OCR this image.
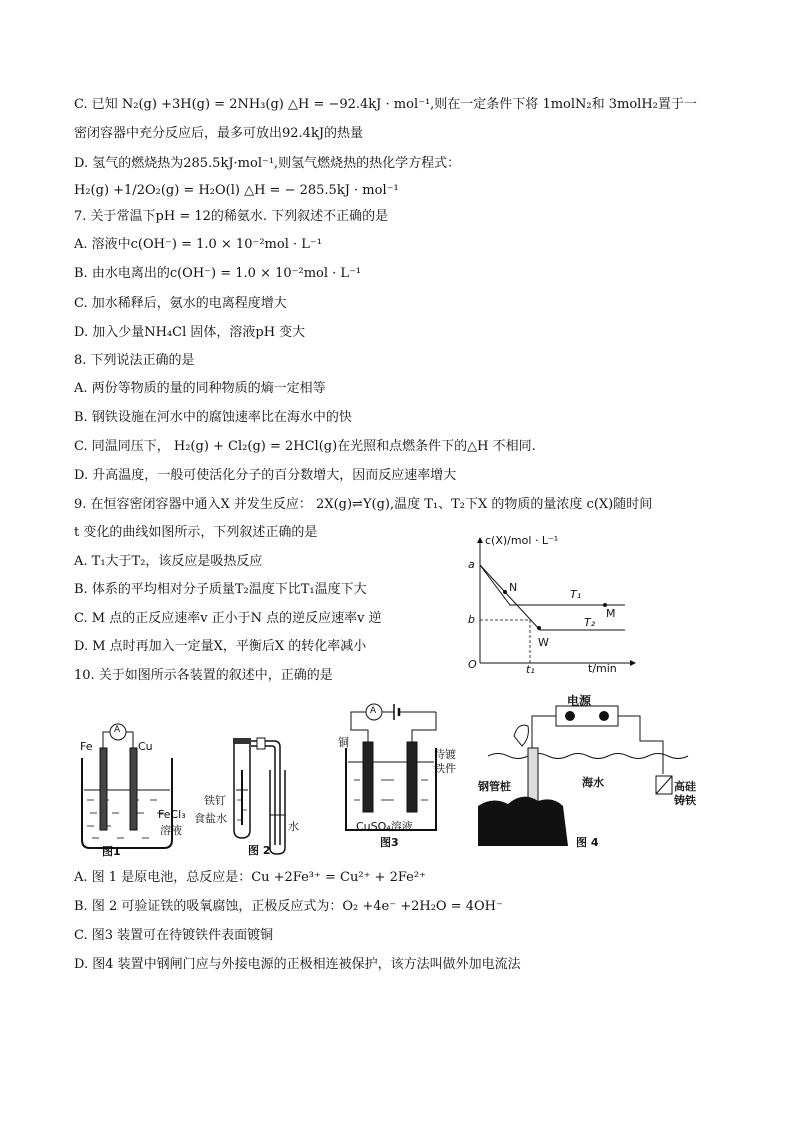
C. 已知 N₂(g) +3H(g) = 2NH₃(g) △H = −92.4kJ · mol⁻¹,则在一定条件下将 1molN₂和 3molH₂置于一
密闭容器中充分反应后，最多可放出92.4kJ的热量
D. 氢气的燃烧热为285.5kJ·mol⁻¹,则氢气燃烧热的热化学方程式：
H₂(g) +1/2O₂(g) = H₂O(l) △H = − 285.5kJ · mol⁻¹
7. 关于常温下pH = 12的稀氨水. 下列叙述不正确的是
A. 溶液中c(OH⁻) = 1.0 × 10⁻²mol · L⁻¹
B. 由水电离出的c(OH⁻) = 1.0 × 10⁻²mol · L⁻¹
C. 加水稀释后，氨水的电离程度增大
D. 加入少量NH₄Cl 固体，溶液pH 变大
8. 下列说法正确的是
A. 两份等物质的量的同种物质的熵一定相等
B. 钢铁设施在河水中的腐蚀速率比在海水中的快
C. 同温同压下， H₂(g) + Cl₂(g) = 2HCl(g)在光照和点燃条件下的△H 不相同.
D. 升高温度，一般可使活化分子的百分数增大，因而反应速率增大
9. 在恒容密闭容器中通入X 并发生反应： 2X(g)⇌Y(g),温度 T₁、T₂下X 的物质的量浓度 c(X)随时间
t 变化的曲线如图所示，下列叙述正确的是
A. T₁大于T₂，该反应是吸热反应
B. 体系的平均相对分子质量T₂温度下比T₁温度下大
C. M 点的正反应速率v 正小于N 点的逆反应速率v 逆
D. M 点时再加入一定量X，平衡后X 的转化率减小
10. 关于如图所示各装置的叙述中，正确的是
A. 图 1 是原电池，总反应是：Cu +2Fe³⁺ = Cu²⁺ + 2Fe²⁺
B. 图 2 可验证铁的吸氧腐蚀，正极反应式为：O₂ +4e⁻ +2H₂O = 4OH⁻
C. 图3 装置可在待镀铁件表面镀铜
D. 图4 装置中钢闸门应与外接电源的正极相连被保护，该方法叫做外加电流法
c(X)/mol · L⁻¹
a
b
O	t₁	t/min
N
M
W
T₁
T₂
A
Fe	Cu
FeCl₃
溶液
图1
铁钉
食盐水
水
图 2
A
铜
待镀
铁件
CuSO₄溶液
图3
电源
钢管桩	海水	高硅
铸铁
图 4
